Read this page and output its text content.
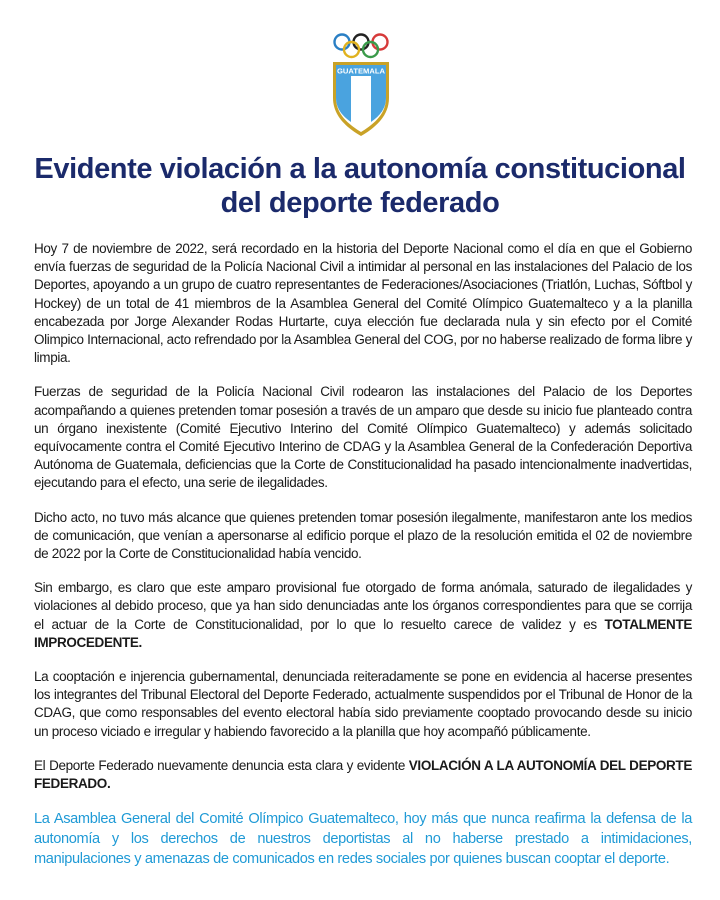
GUATEMALA
Evidente violación a la autonomía constitucional
del deporte federado

Hoy 7 de noviembre de 2022, será recordado en la historia del Deporte Nacional como el día en que el Gobierno envía fuerzas de seguridad de la Policía Nacional Civil a intimidar al personal en las instalaciones del Palacio de los Deportes, apoyando a un grupo de cuatro representantes de Federaciones/Asociaciones (Triatlón, Luchas, Sóftbol y Hockey) de un total de 41 miembros de la Asamblea General del Comité Olímpico Guatemalteco y a la planilla encabezada por Jorge Alexander Rodas Hurtarte, cuya elección fue declarada nula y sin efecto por el Comité Olimpico Internacional, acto refrendado por la Asamblea General del COG, por no haberse realizado de forma libre y limpia.

Fuerzas de seguridad de la Policía Nacional Civil rodearon las instalaciones del Palacio de los Deportes acompañando a quienes pretenden tomar posesión a través de un amparo que desde su inicio fue planteado contra un órgano inexistente (Comité Ejecutivo Interino del Comité Olímpico Guatemalteco) y además solicitado equívocamente contra el Comité Ejecutivo Interino de CDAG y la Asamblea General de la Confederación Deportiva Autónoma de Guatemala, deficiencias que la Corte de Constitucionalidad ha pasado intencionalmente inadvertidas, ejecutando para el efecto, una serie de ilegalidades.

Dicho acto, no tuvo más alcance que quienes pretenden tomar posesión ilegalmente, manifestaron ante los medios de comunicación, que venían a apersonarse al edificio porque el plazo de la resolución emitida el 02 de noviembre de 2022 por la Corte de Constitucionalidad había vencido.

Sin embargo, es claro que este amparo provisional fue otorgado de forma anómala, saturado de ilegalidades y violaciones al debido proceso, que ya han sido denunciadas ante los órganos correspondientes para que se corrija el actuar de la Corte de Constitucionalidad, por lo que lo resuelto carece de validez y es TOTALMENTE IMPROCEDENTE.

La cooptación e injerencia gubernamental, denunciada reiteradamente se pone en evidencia al hacerse presentes los integrantes del Tribunal Electoral del Deporte Federado, actualmente suspendidos por el Tribunal de Honor de la CDAG, que como responsables del evento electoral había sido previamente cooptado provocando desde su inicio un proceso viciado e irregular y habiendo favorecido a la planilla que hoy acompañó públicamente.

El Deporte Federado nuevamente denuncia esta clara y evidente VIOLACIÓN A LA AUTONOMÍA DEL DEPORTE FEDERADO.

La Asamblea General del Comité Olímpico Guatemalteco, hoy más que nunca reafirma la defensa de la autonomía y los derechos de nuestros deportistas al no haberse prestado a intimidaciones, manipulaciones y amenazas de comunicados en redes sociales por quienes buscan cooptar el deporte.
